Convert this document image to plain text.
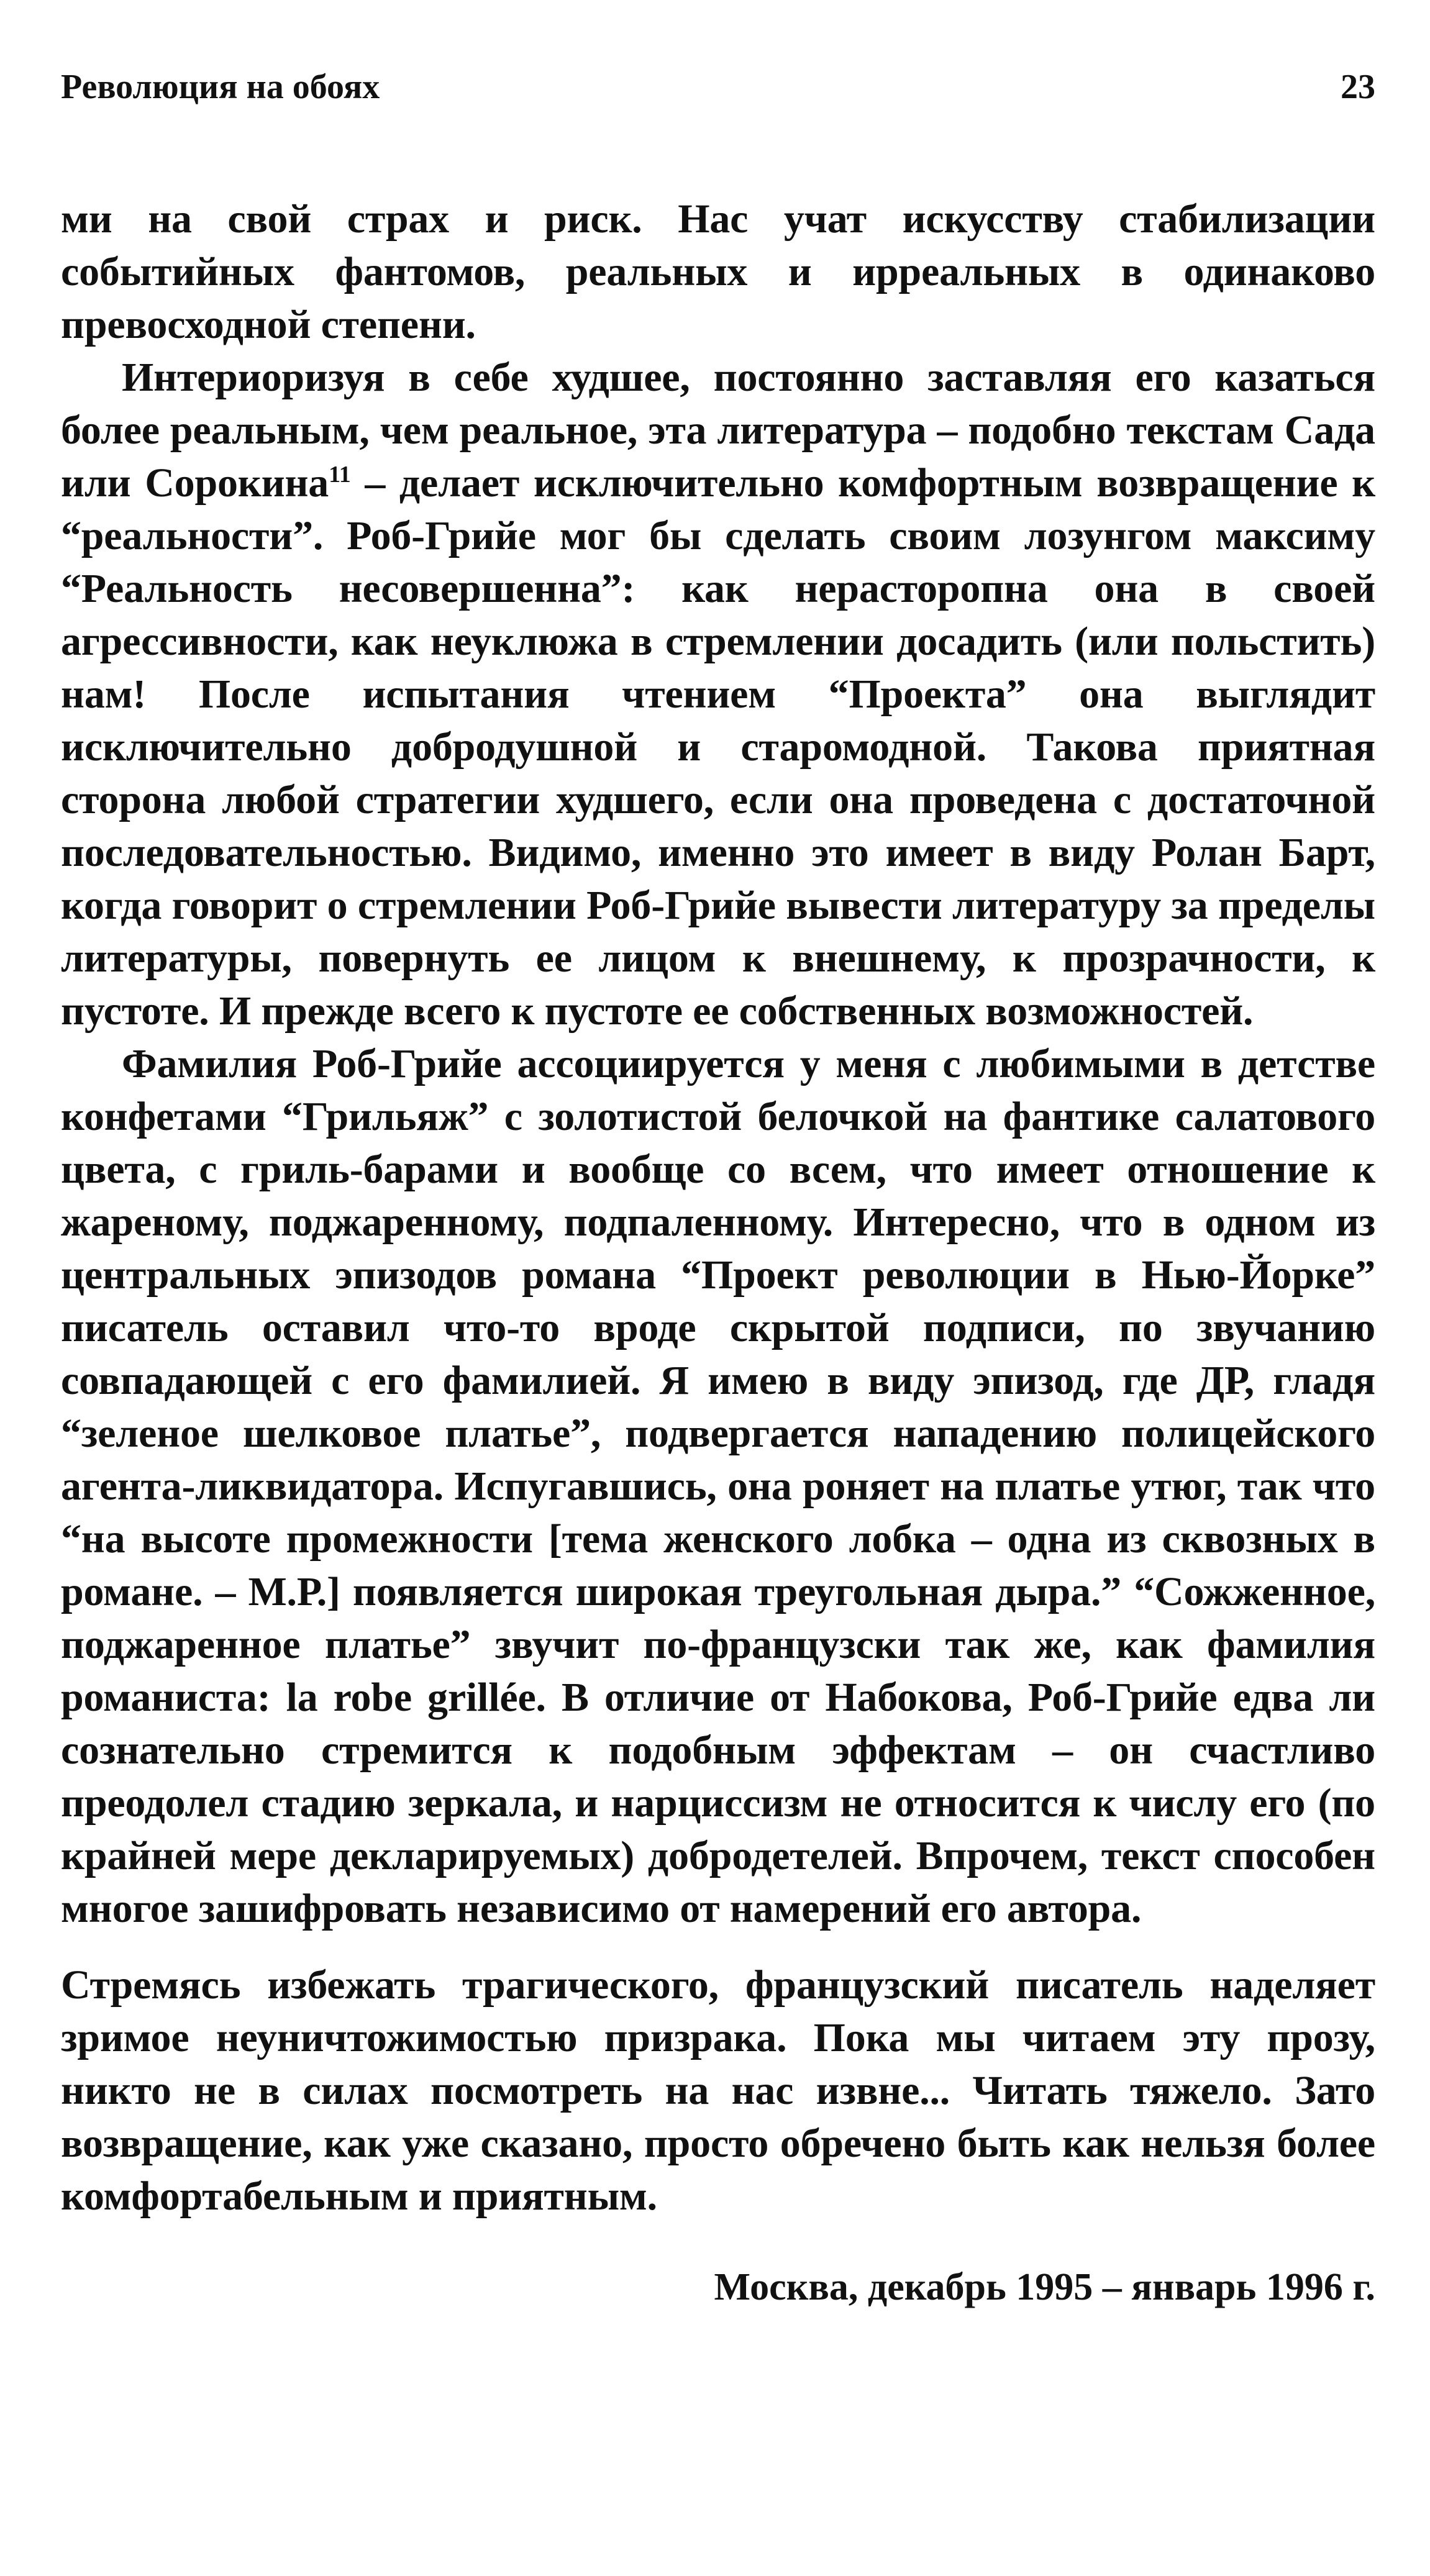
Революция на обоях	23

ми на свой страх и риск. Нас учат искусству стабилизации событийных фантомов, реальных и ирреальных в одинаково превосходной степени.

Интериоризуя в себе худшее, постоянно заставляя его казаться более реальным, чем реальное, эта литература – подобно текстам Сада или Сорокина$^{11}$ – делает исключительно комфортным возвращение к “реальности”. Роб-Грийе мог бы сделать своим лозунгом максиму “Реальность несовершенна”: как нерасторопна она в своей агрессивности, как неуклюжа в стремлении досадить (или польстить) нам! После испытания чтением “Проекта” она выглядит исключительно добродушной и старомодной. Такова приятная сторона любой стратегии худшего, если она проведена с достаточной последовательностью. Видимо, именно это имеет в виду Ролан Барт, когда говорит о стремлении Роб-Грийе вывести литературу за пределы литературы, повернуть ее лицом к внешнему, к прозрачности, к пустоте. И прежде всего к пустоте ее собственных возможностей.

Фамилия Роб-Грийе ассоциируется у меня с любимыми в детстве конфетами “Грильяж” с золотистой белочкой на фантике салатового цвета, с гриль-барами и вообще со всем, что имеет отношение к жареному, поджаренному, подпаленному. Интересно, что в одном из центральных эпизодов романа “Проект революции в Нью-Йорке” писатель оставил что-то вроде скрытой подписи, по звучанию совпадающей с его фамилией. Я имею в виду эпизод, где ДР, гладя “зеленое шелковое платье”, подвергается нападению полицейского агента-ликвидатора. Испугавшись, она роняет на платье утюг, так что “на высоте промежности [тема женского лобка – одна из сквозных в романе. – М.Р.] появляется широкая треугольная дыра.” “Сожженное, поджаренное платье” звучит по-французски так же, как фамилия романиста: la robe grillée. В отличие от Набокова, Роб-Грийе едва ли сознательно стремится к подобным эффектам – он счастливо преодолел стадию зеркала, и нарциссизм не относится к числу его (по крайней мере декларируемых) добродетелей. Впрочем, текст способен многое зашифровать независимо от намерений его автора.

Стремясь избежать трагического, французский писатель наделяет зримое неуничтожимостью призрака. Пока мы читаем эту прозу, никто не в силах посмотреть на нас извне... Читать тяжело. Зато возвращение, как уже сказано, просто обречено быть как нельзя более комфортабельным и приятным.

Москва, декабрь 1995 – январь 1996 г.
